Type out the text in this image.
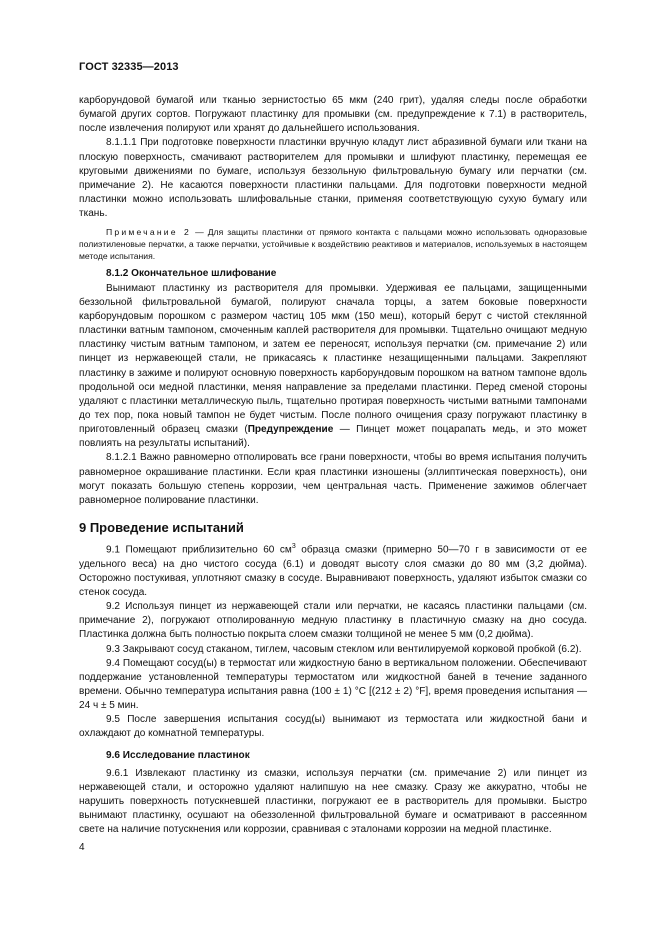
ГОСТ 32335—2013

карборундовой бумагой или тканью зернистостью 65 мкм (240 грит), удаляя следы после обработки бумагой других сортов. Погружают пластинку для промывки (см. предупреждение к 7.1) в растворитель, после извлечения полируют или хранят до дальнейшего использования.

8.1.1.1 При подготовке поверхности пластинки вручную кладут лист абразивной бумаги или ткани на плоскую поверхность, смачивают растворителем для промывки и шлифуют пластинку, перемещая ее круговыми движениями по бумаге, используя беззольную фильтровальную бумагу или перчатки (см. примечание 2). Не касаются поверхности пластинки пальцами. Для подготовки поверхности медной пластинки можно использовать шлифовальные станки, применяя соответствующую сухую бумагу или ткань.

Примечание 2 — Для защиты пластинки от прямого контакта с пальцами можно использовать одноразовые полиэтиленовые перчатки, а также перчатки, устойчивые к воздействию реактивов и материалов, используемых в настоящем методе испытания.

8.1.2 Окончательное шлифование

Вынимают пластинку из растворителя для промывки. Удерживая ее пальцами, защищенными беззольной фильтровальной бумагой, полируют сначала торцы, а затем боковые поверхности карборундовым порошком с размером частиц 105 мкм (150 меш), который берут с чистой стеклянной пластинки ватным тампоном, смоченным каплей растворителя для промывки. Тщательно очищают медную пластинку чистым ватным тампоном, и затем ее переносят, используя перчатки (см. примечание 2) или пинцет из нержавеющей стали, не прикасаясь к пластинке незащищенными пальцами. Закрепляют пластинку в зажиме и полируют основную поверхность карборундовым порошком на ватном тампоне вдоль продольной оси медной пластинки, меняя направление за пределами пластинки. Перед сменой стороны удаляют с пластинки металлическую пыль, тщательно протирая поверхность чистыми ватными тампонами до тех пор, пока новый тампон не будет чистым. После полного очищения сразу погружают пластинку в приготовленный образец смазки (Предупреждение — Пинцет может поцарапать медь, и это может повлиять на результаты испытаний).

8.1.2.1 Важно равномерно отполировать все грани поверхности, чтобы во время испытания получить равномерное окрашивание пластинки. Если края пластинки изношены (эллиптическая поверхность), они могут показать большую степень коррозии, чем центральная часть. Применение зажимов облегчает равномерное полирование пластинки.

9 Проведение испытаний

9.1 Помещают приблизительно 60 $см^3$ образца смазки (примерно 50—70 г в зависимости от ее удельного веса) на дно чистого сосуда (6.1) и доводят высоту слоя смазки до 80 мм (3,2 дюйма). Осторожно постукивая, уплотняют смазку в сосуде. Выравнивают поверхность, удаляют избыток смазки со стенок сосуда.

9.2 Используя пинцет из нержавеющей стали или перчатки, не касаясь пластинки пальцами (см. примечание 2), погружают отполированную медную пластинку в пластичную смазку на дно сосуда. Пластинка должна быть полностью покрыта слоем смазки толщиной не менее 5 мм (0,2 дюйма).

9.3 Закрывают сосуд стаканом, тиглем, часовым стеклом или вентилируемой корковой пробкой (6.2).

9.4 Помещают сосуд(ы) в термостат или жидкостную баню в вертикальном положении. Обеспечивают поддержание установленной температуры термостатом или жидкостной баней в течение заданного времени. Обычно температура испытания равна (100 ± 1) °С [(212 ± 2) °F], время проведения испытания — 24 ч ± 5 мин.

9.5 После завершения испытания сосуд(ы) вынимают из термостата или жидкостной бани и охлаждают до комнатной температуры.

9.6 Исследование пластинок

9.6.1 Извлекают пластинку из смазки, используя перчатки (см. примечание 2) или пинцет из нержавеющей стали, и осторожно удаляют налипшую на нее смазку. Сразу же аккуратно, чтобы не нарушить поверхность потускневшей пластинки, погружают ее в растворитель для промывки. Быстро вынимают пластинку, осушают на обеззоленной фильтровальной бумаге и осматривают в рассеянном свете на наличие потускнения или коррозии, сравнивая с эталонами коррозии на медной пластинке.

4
